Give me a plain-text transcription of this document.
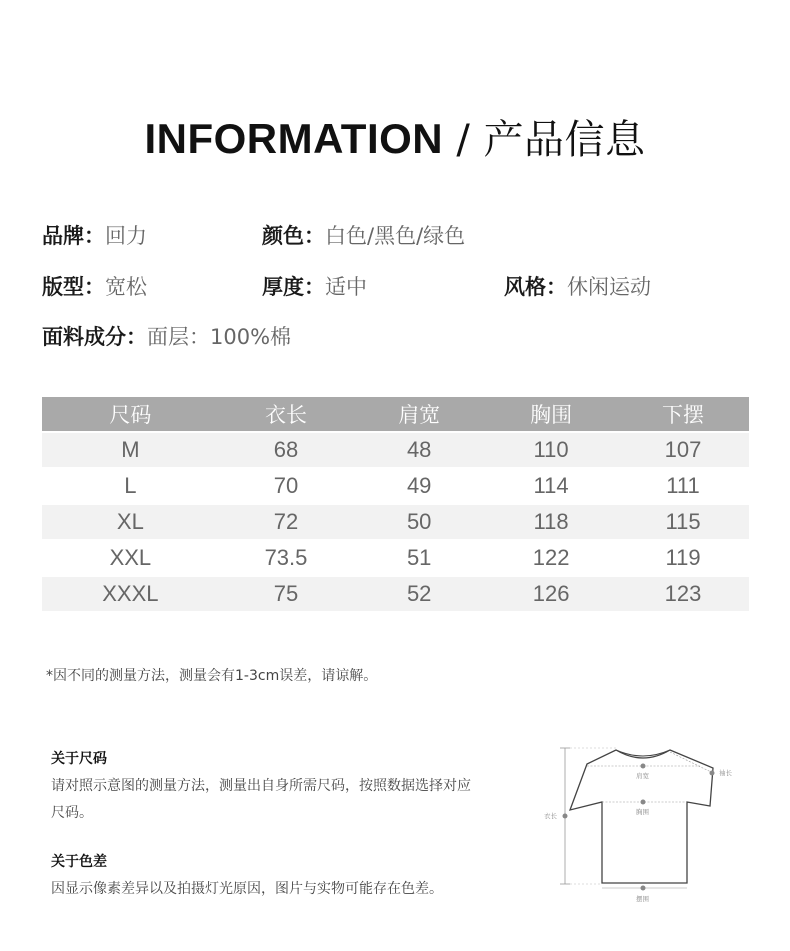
INFORMATION / 产品信息
品牌：回力	颜色：白色/黑色/绿色
版型：宽松	厚度：适中	风格：休闲运动
面料成分：面层：100%棉
尺码	衣长	肩宽	胸围	下摆
M	68	48	110	107
L	70	49	114	111
XL	72	50	118	115
XXL	73.5	51	122	119
XXXL	75	52	126	123
*因不同的测量方法，测量会有1-3cm误差，请谅解。
关于尺码
请对照示意图的测量方法，测量出自身所需尺码，按照数据选择对应尺码。
关于色差
因显示像素差异以及拍摄灯光原因，图片与实物可能存在色差。
衣长
肩宽	袖长
胸围
摆围
